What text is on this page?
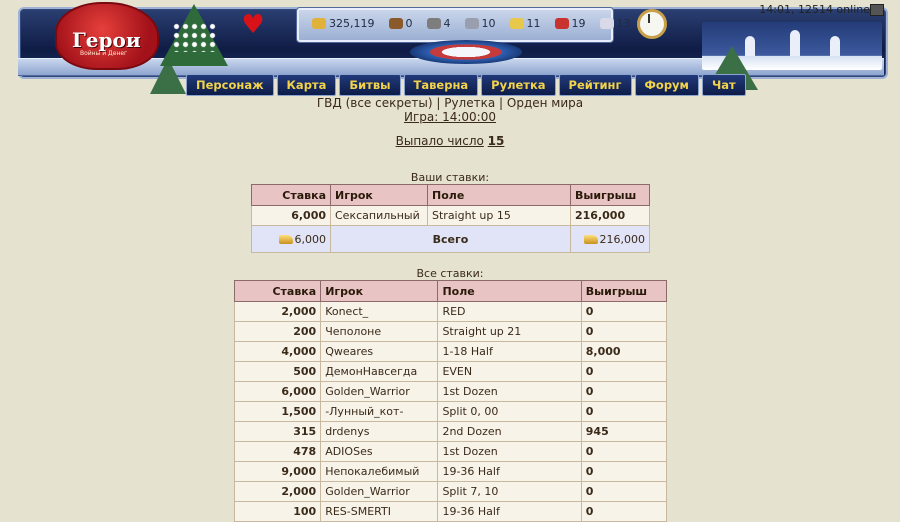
Герои
Войны и Денег
♥	325,119	0	4	10	11	19	13
14:01, 12514 online
Персонаж	Карта	Битвы	Таверна	Рулетка	Рейтинг	Форум	Чат
ГВД (все секреты) | Рулетка | Орден мира
Игра: 14:00:00
Выпало число 15
Ваши ставки:
Ставка	Игрок	Поле	Выигрыш
6,000	Сексапильный	Straight up 15	216,000
6,000	Всего		216,000
Все ставки:
Ставка	Игрок	Поле	Выигрыш
2,000	Konect_	RED	0
200	Чеполоне	Straight up 21	0
4,000	Qweares	1-18 Half	8,000
500	ДемонНавсегда	EVEN	0
6,000	Golden_Warrior	1st Dozen	0
1,500	-Лунный_кот-	Split 0, 00	0
315	drdenys	2nd Dozen	945
478	ADIOSes	1st Dozen	0
9,000	Непокалебимый	19-36 Half	0
2,000	Golden_Warrior	Split 7, 10	0
100	RES-SMERTI	19-36 Half	0
